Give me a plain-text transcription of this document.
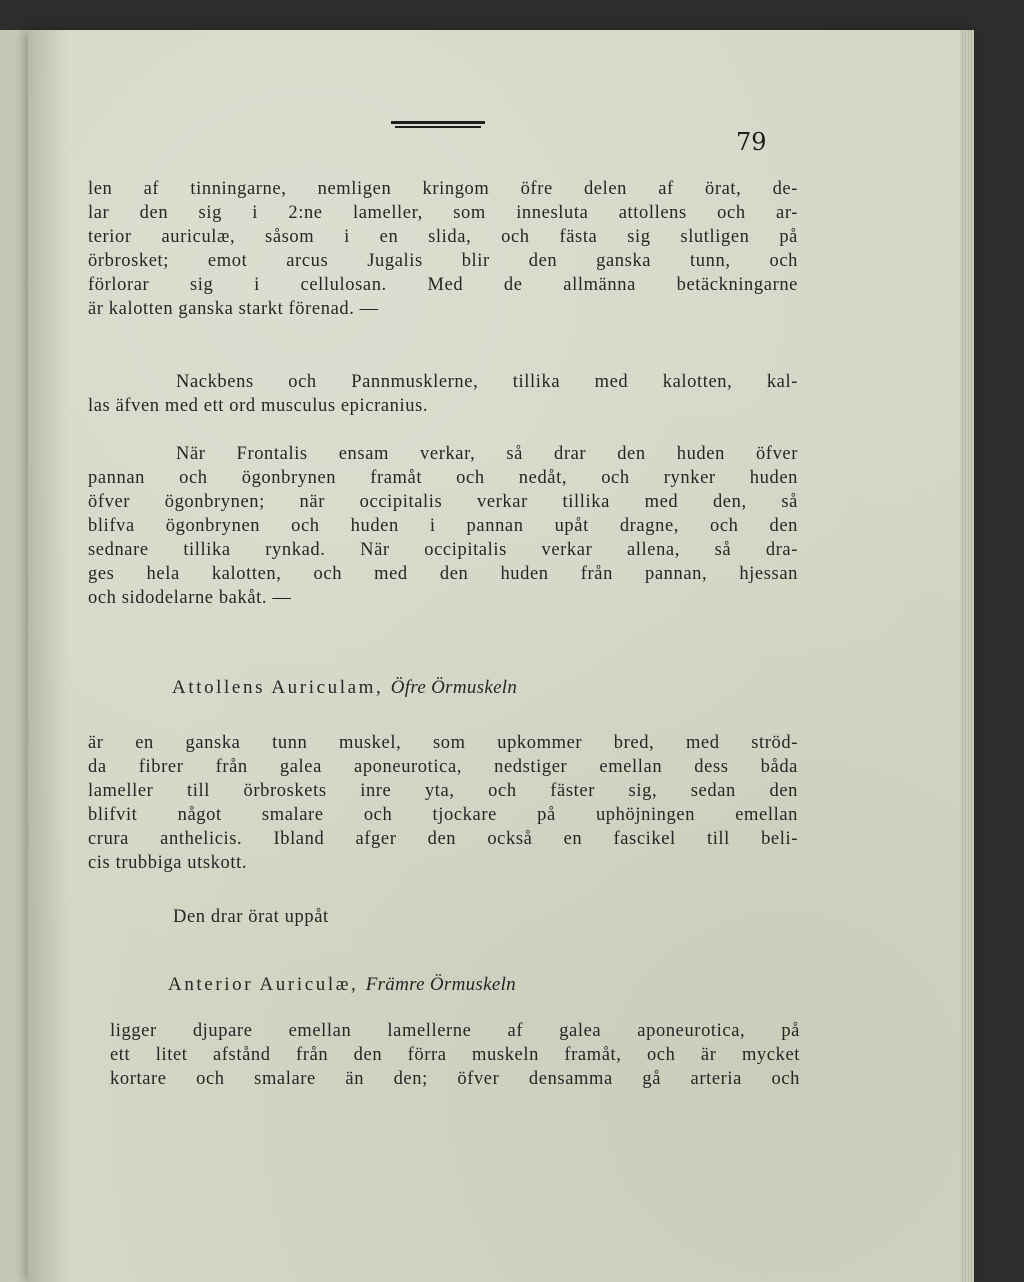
79
len af tinningarne, nemligen kringom öfre delen af örat, de-
lar den sig i 2:ne lameller, som innesluta attollens och ar-
terior auriculæ, såsom i en slida, och fästa sig slutligen på
örbrosket; emot arcus Jugalis blir den ganska tunn, och
förlorar sig i cellulosan. Med de allmänna betäckningarne
är kalotten ganska starkt förenad. —
Nackbens och Pannmusklerne, tillika med kalotten, kal-
las äfven med ett ord musculus epicranius.
När Frontalis ensam verkar, så drar den huden öfver
pannan och ögonbrynen framåt och nedåt, och rynker huden
öfver ögonbrynen; när occipitalis verkar tillika med den, så
blifva ögonbrynen och huden i pannan upåt dragne, och den
sednare tillika rynkad. När occipitalis verkar allena, så dra-
ges hela kalotten, och med den huden från pannan, hjessan
och sidodelarne bakåt. —
Attollens Auriculam, Öfre Örmuskeln
är en ganska tunn muskel, som upkommer bred, med ströd-
da fibrer från galea aponeurotica, nedstiger emellan dess båda
lameller till örbroskets inre yta, och fäster sig, sedan den
blifvit något smalare och tjockare på uphöjningen emellan
crura anthelicis. Ibland afger den också en fascikel till beli-
cis trubbiga utskott.
Den drar örat uppåt
Anterior Auriculæ, Främre Örmuskeln
ligger djupare emellan lamellerne af galea aponeurotica, på
ett litet afstånd från den förra muskeln framåt, och är mycket
kortare och smalare än den; öfver densamma gå arteria och
